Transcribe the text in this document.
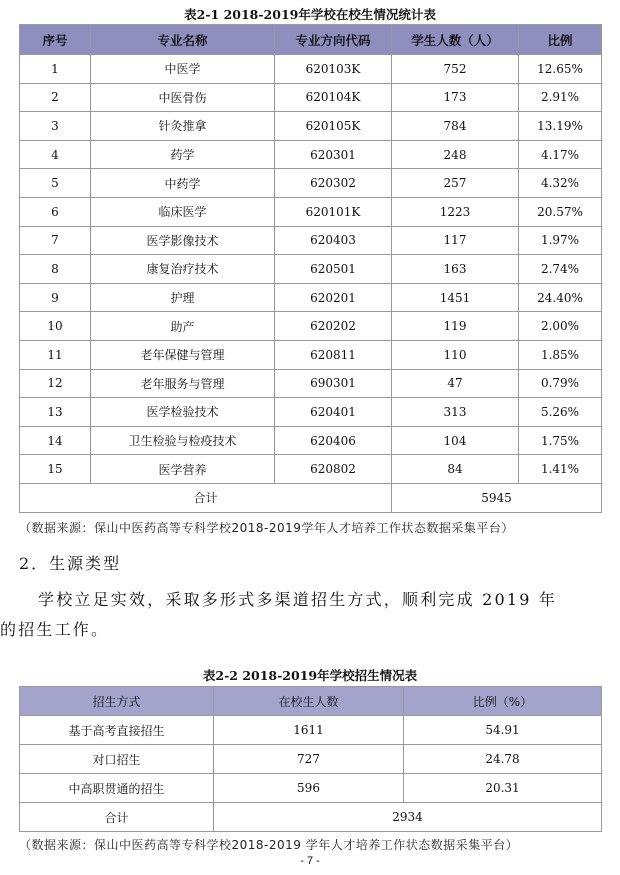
表2-1 2018-2019年学校在校生情况统计表
序号	专业名称	专业方向代码	学生人数（人）	比例
1	中医学	620103K	752	12.65%
2	中医骨伤	620104K	173	2.91%
3	针灸推拿	620105K	784	13.19%
4	药学	620301	248	4.17%
5	中药学	620302	257	4.32%
6	临床医学	620101K	1223	20.57%
7	医学影像技术	620403	117	1.97%
8	康复治疗技术	620501	163	2.74%
9	护理	620201	1451	24.40%
10	助产	620202	119	2.00%
11	老年保健与管理	620811	110	1.85%
12	老年服务与管理	690301	47	0.79%
13	医学检验技术	620401	313	5.26%
14	卫生检验与检疫技术	620406	104	1.75%
15	医学营养	620802	84	1.41%
合计			5945	
（数据来源：保山中医药高等专科学校2018-2019学年人才培养工作状态数据采集平台）
2．生源类型
学校立足实效，采取多形式多渠道招生方式，顺利完成 2019 年
的招生工作。
表2-2 2018-2019年学校招生情况表
招生方式	在校生人数	比例（%）
基于高考直接招生	1611	54.91
对口招生	727	24.78
中高职贯通的招生	596	20.31
合计	2934	
（数据来源：保山中医药高等专科学校2018-2019 学年人才培养工作状态数据采集平台）
- 7 -
